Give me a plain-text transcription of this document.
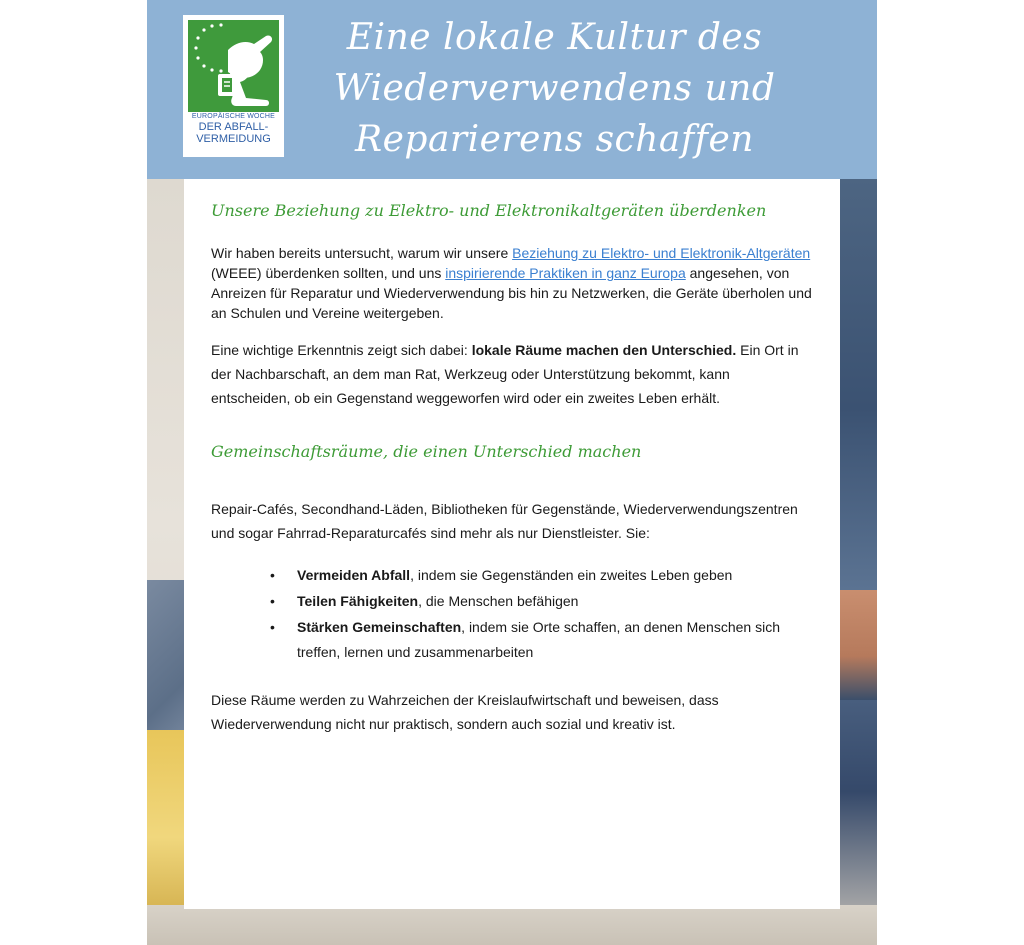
EUROPÄISCHE WOCHE
DER ABFALL-
VERMEIDUNG
Eine lokale Kultur des Wiederverwendens und Reparierens schaffen
Unsere Beziehung zu Elektro- und Elektronikaltgeräten überdenken

Wir haben bereits untersucht, warum wir unsere Beziehung zu Elektro- und Elektronik-Altgeräten (WEEE) überdenken sollten, und uns inspirierende Praktiken in ganz Europa angesehen, von Anreizen für Reparatur und Wiederverwendung bis hin zu Netzwerken, die Geräte überholen und an Schulen und Vereine weitergeben.

Eine wichtige Erkenntnis zeigt sich dabei: lokale Räume machen den Unterschied. Ein Ort in der Nachbarschaft, an dem man Rat, Werkzeug oder Unterstützung bekommt, kann entscheiden, ob ein Gegenstand weggeworfen wird oder ein zweites Leben erhält.

Gemeinschaftsräume, die einen Unterschied machen

Repair-Cafés, Secondhand-Läden, Bibliotheken für Gegenstände, Wiederverwendungszentren und sogar Fahrrad-Reparaturcafés sind mehr als nur Dienstleister. Sie:

• Vermeiden Abfall, indem sie Gegenständen ein zweites Leben geben
• Teilen Fähigkeiten, die Menschen befähigen
• Stärken Gemeinschaften, indem sie Orte schaffen, an denen Menschen sich treffen, lernen und zusammenarbeiten

Diese Räume werden zu Wahrzeichen der Kreislaufwirtschaft und beweisen, dass Wiederverwendung nicht nur praktisch, sondern auch sozial und kreativ ist.
